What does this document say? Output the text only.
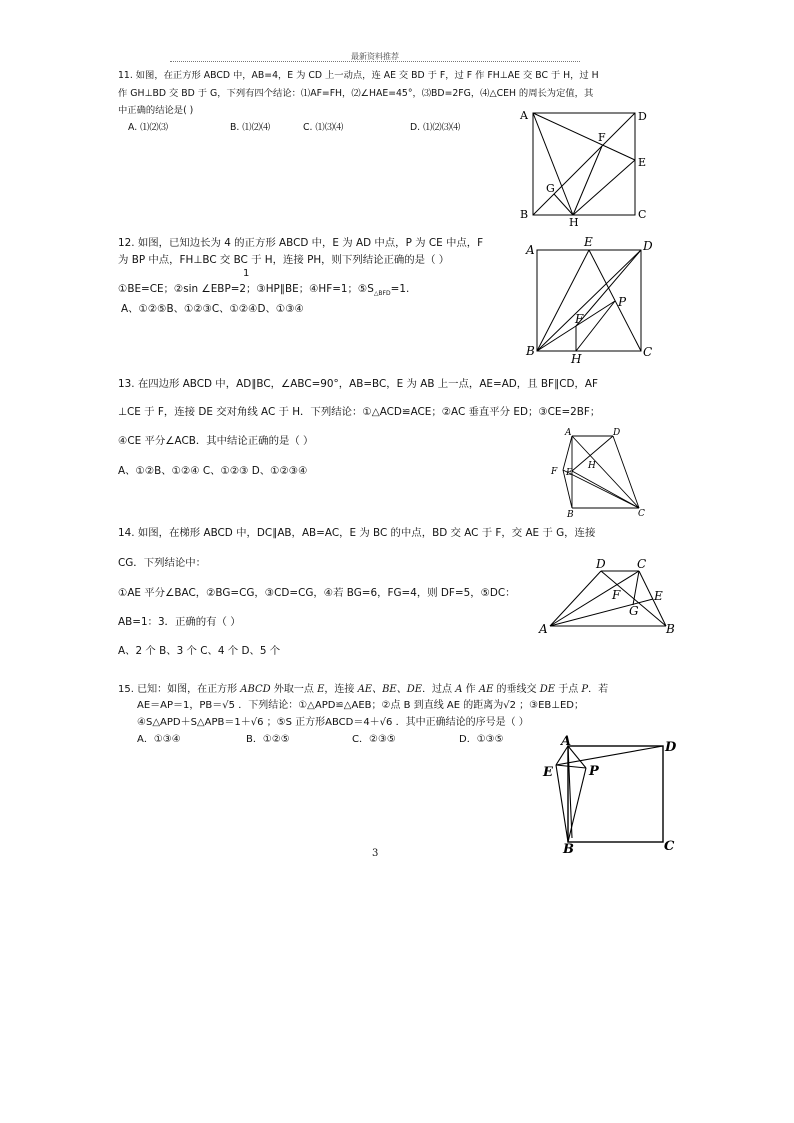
最新资料推荐
11. 如图，在正方形 ABCD 中，AB=4，E 为 CD 上一动点，连 AE 交 BD 于 F，过 F 作 FH⊥AE 交 BC 于 H，过 H
作 GH⊥BD 交 BD 于 G，下列有四个结论：⑴AF=FH，⑵∠HAE=45°，⑶BD=2FG，⑷△CEH 的周长为定值，其
中正确的结论是( )
A. ⑴⑵⑶	B. ⑴⑵⑷	C. ⑴⑶⑷	D. ⑴⑵⑶⑷
A	D
F
E
G
B
H
C
12. 如图，已知边长为 4 的正方形 ABCD 中，E 为 AD 中点，P 为 CE 中点，F
为 BP 中点，FH⊥BC 交 BC 于 H，连接 PH，则下列结论正确的是（ ）
1
①BE=CE；②sin ∠EBP=2；③HP∥BE；④HF=1；$⑤S_{\triangle BFD}=1$.
A、①②⑤B、①②③C、①②④D、①③④
A
E	D
P
F
B
H	C
13. 在四边形 ABCD 中，AD∥BC，∠ABC=90°，AB=BC，E 为 AB 上一点，AE=AD，且 BF∥CD，AF
⊥CE 于 F，连接 DE 交对角线 AC 于 H．下列结论：①△ACD≌ACE；②AC 垂直平分 ED；③CE=2BF；
④CE 平分∠ACB．其中结论正确的是（ ）
A、①②B、①②④ C、①②③ D、①②③④
A	D
H
F E
B	C
14. 如图，在梯形 ABCD 中，DC∥AB，AB=AC，E 为 BC 的中点，BD 交 AC 于 F，交 AE 于 G，连接
CG．下列结论中：
①AE 平分∠BAC，②BG=CG，③CD=CG，④若 BG=6，FG=4，则 DF=5，⑤DC：
AB=1：3．正确的有（ ）
A、2 个 B、3 个 C、4 个 D、5 个
D	C
F	E
G
A	B
15. 已知：如图，在正方形 ABCD 外取一点 E，连接 AE、BE、DE．过点 A 作 AE 的垂线交 DE 于点 P．若
AE＝AP＝1，PB＝√5 ．下列结论：①△APD≌△AEB；②点 B 到直线 AE 的距离为√2 ；③EB⊥ED；
④S△APD＋S△APB＝1＋√6 ；⑤S 正方形ABCD＝4＋√6 ．其中正确结论的序号是（ ）
A．①③④	B．①②⑤	C．②③⑤	D．①③⑤	A	D
E	P
B	C
3
